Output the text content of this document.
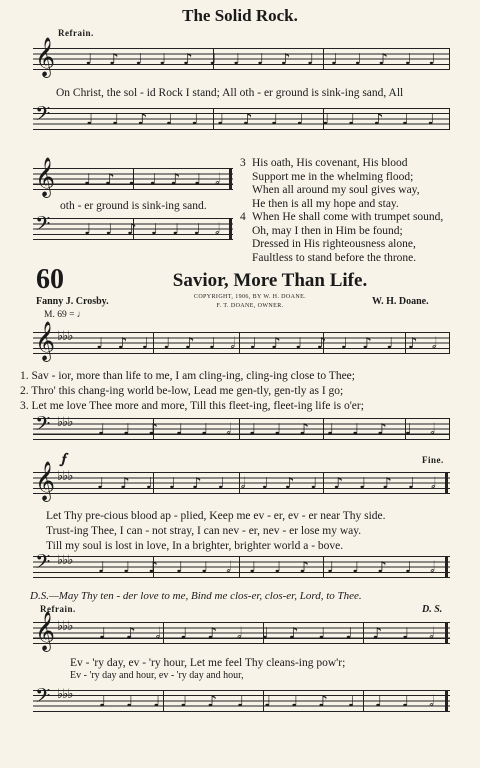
The Solid Rock.
Refrain.
𝄞 ♩ ♪ ♩ ♩ ♪ ♩ ♩ ♩ ♪ ♩ ♩ ♩ ♪ ♩ ♩
On Christ, the sol - id Rock I stand; All oth - er ground is sink-ing sand, All
𝄢 ♩ ♩ ♪ ♩ ♩ ♩ ♪ ♩ ♩ ♩ ♩ ♪ ♩ ♩
𝄞 ♩ ♪ ♩ ♩ ♪ ♩ 𝅗𝅥
oth - er ground is sink-ing sand.
𝄢 ♩ ♩ ♪ ♩ ♩ ♩ 𝅗𝅥
3 His oath, His covenant, His blood
Support me in the whelming flood;
When all around my soul gives way,
He then is all my hope and stay.
4 When He shall come with trumpet sound,
Oh, may I then in Him be found;
Dressed in His righteousness alone,
Faultless to stand before the throne.
60	Savior, More Than Life.
Fanny J. Crosby.	W. H. Doane.
COPYRIGHT, 1906, BY W. H. DOANE.
F. T. DOANE, OWNER.
M. 69 = ♩
𝄞 ♭♭♭ ♩ ♪ ♩ ♩ ♪ ♩ 𝅗𝅥 ♩ ♪ ♩ ♪ ♩ ♪ ♩ ♪ 𝅗𝅥
1. Sav - ior, more than life to me, I am cling-ing, cling-ing close to Thee;
2. Thro' this chang-ing world be-low, Lead me gen-tly, gen-tly as I go;
3. Let me love Thee more and more, Till this fleet-ing, fleet-ing life is o'er;
𝄢 ♭♭♭ ♩ ♩ ♪ ♩ ♩ 𝅗𝅥 ♩ ♩ ♪ ♩ ♩ ♪ ♩ 𝅗𝅥
𝆑	Fine.
𝄞 ♭♭♭ ♩ ♪ ♩ ♩ ♪ ♩ 𝅗𝅥 ♩ ♪ ♩ ♪ ♩ ♪ ♩ 𝅗𝅥
Let Thy pre-cious blood ap - plied, Keep me ev - er, ev - er near Thy side.
Trust-ing Thee, I can - not stray, I can nev - er, nev - er lose my way.
Till my soul is lost in love, In a brighter, brighter world a - bove.
𝄢 ♭♭♭ ♩ ♩ ♪ ♩ ♩ 𝅗𝅥 ♩ ♩ ♪ ♩ ♩ ♪ ♩ 𝅗𝅥
D.S.—May Thy ten - der love to me, Bind me clos-er, clos-er, Lord, to Thee.
Refrain.	D. S.
𝄞 ♭♭♭ ♩ ♪ 𝅗𝅥 ♩ ♪ 𝅗𝅥 ♩ ♪ ♩ ♩ ♪ ♩ 𝅗𝅥
Ev - 'ry day, ev - 'ry hour, Let me feel Thy cleans-ing pow'r;
Ev - 'ry day and hour, ev - 'ry day and hour,
𝄢 ♭♭♭ ♩ ♩ ♩ ♩ ♪ ♩ ♩ ♩ ♪ ♩ ♩ ♩ 𝅗𝅥
